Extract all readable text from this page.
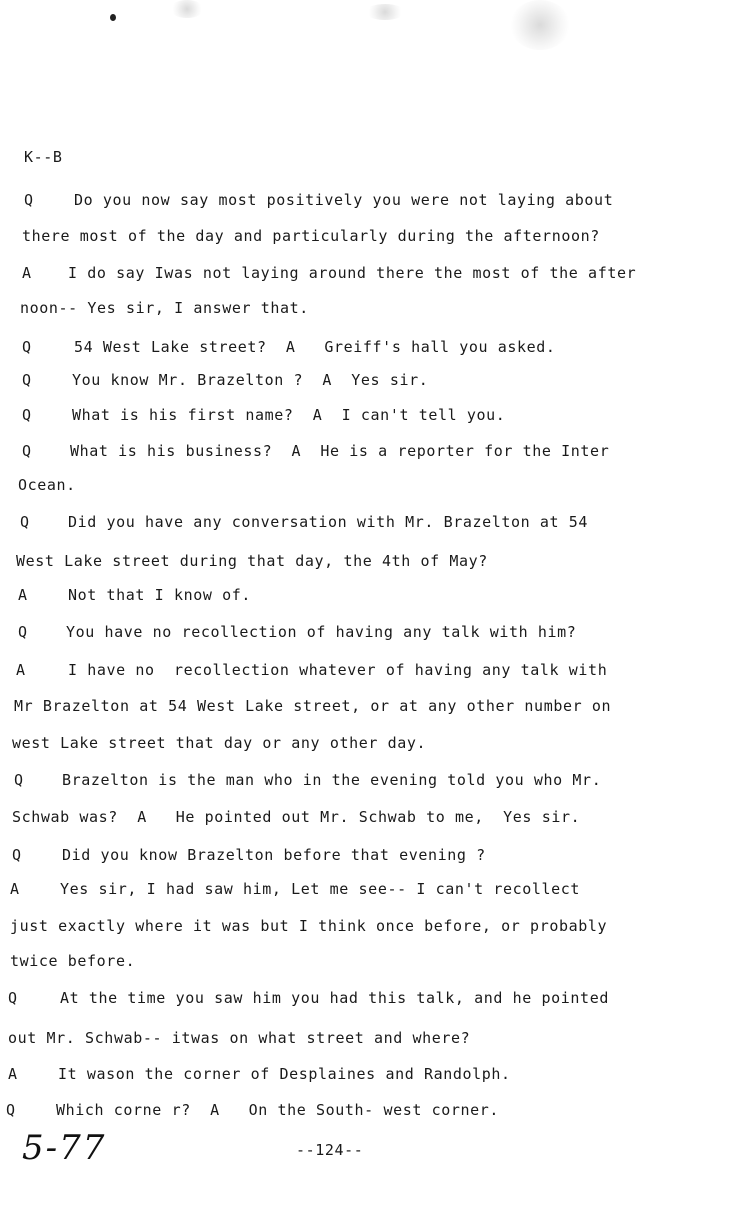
K--B

Q

	Do you now say most positively you were not laying about

there most of the day and particularly during the afternoon?

A

I do say Iwas not laying around there the most of the after

noon-- Yes sir, I answer that.

Q

	54 West Lake street?  A   Greiff's hall you asked.

Q

	You know Mr. Brazelton ?  A  Yes sir.

Q

	What is his first name?  A  I can't tell you.

Q

	What is his business?  A  He is a reporter for the Inter

Ocean.

Q

	Did you have any conversation with Mr. Brazelton at 54

West Lake street during that day, the 4th of May?

A

	Not that I know of.

Q

	You have no recollection of having any talk with him?

A

	I have no  recollection whatever of having any talk with

Mr Brazelton at 54 West Lake street, or at any other number on

west Lake street that day or any other day.

Q

	Brazelton is the man who in the evening told you who Mr.

Schwab was?  A   He pointed out Mr. Schwab to me,  Yes sir.

Q

	Did you know Brazelton before that evening ?

A

	Yes sir, I had saw him, Let me see-- I can't recollect

just exactly where it was but I think once before, or probably

twice before.

Q

	At the time you saw him you had this talk, and he pointed

out Mr. Schwab-- itwas on what street and where?

A

	It wason the corner of Desplaines and Randolph.

Q

	Which corne r?  A   On the South- west corner.

5-77	--124--
